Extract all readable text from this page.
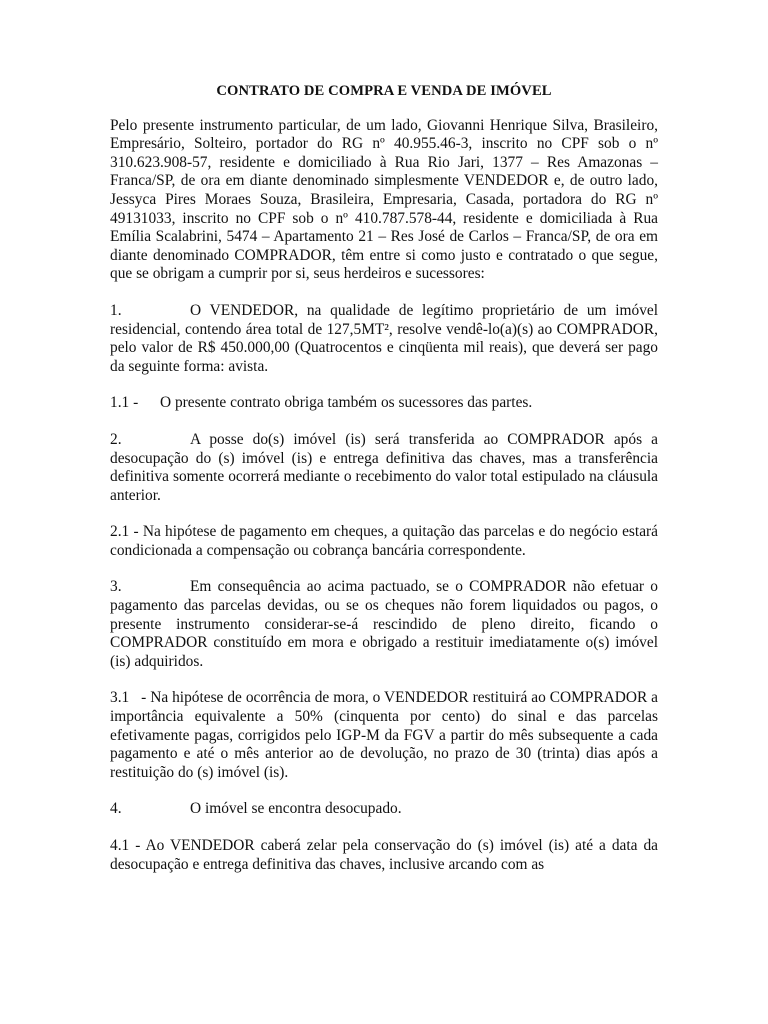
CONTRATO DE COMPRA E VENDA DE IMÓVEL

Pelo presente instrumento particular, de um lado, Giovanni Henrique Silva, Brasileiro, Empresário, Solteiro, portador do RG nº 40.955.46-3, inscrito no CPF sob o nº 310.623.908-57, residente e domiciliado à Rua Rio Jari, 1377 – Res Amazonas – Franca/SP, de ora em diante denominado simplesmente VENDEDOR e, de outro lado, Jessyca Pires Moraes Souza, Brasileira, Empresaria, Casada, portadora do RG nº 49131033, inscrito no CPF sob o nº 410.787.578-44, residente e domiciliada à Rua Emília Scalabrini, 5474 – Apartamento 21 – Res José de Carlos – Franca/SP, de ora em diante denominado COMPRADOR, têm entre si como justo e contratado o que segue, que se obrigam a cumprir por si, seus herdeiros e sucessores:

1.	O VENDEDOR, na qualidade de legítimo proprietário de um imóvel residencial, contendo área total de 127,5MT², resolve vendê-lo(a)(s) ao COMPRADOR, pelo valor de R$ 450.000,00 (Quatrocentos e cinqüenta mil reais), que deverá ser pago da seguinte forma: avista.

1.1 - O presente contrato obriga também os sucessores das partes.

2.	A posse do(s) imóvel (is) será transferida ao COMPRADOR após a desocupação do (s) imóvel (is) e entrega definitiva das chaves, mas a transferência definitiva somente ocorrerá mediante o recebimento do valor total estipulado na cláusula anterior.

2.1 - Na hipótese de pagamento em cheques, a quitação das parcelas e do negócio estará condicionada a compensação ou cobrança bancária correspondente.

3.	Em consequência ao acima pactuado, se o COMPRADOR não efetuar o pagamento das parcelas devidas, ou se os cheques não forem liquidados ou pagos, o presente instrumento considerar-se-á rescindido de pleno direito, ficando o COMPRADOR constituído em mora e obrigado a restituir imediatamente o(s) imóvel (is) adquiridos.

3.1 - Na hipótese de ocorrência de mora, o VENDEDOR restituirá ao COMPRADOR a importância equivalente a 50% (cinquenta por cento) do sinal e das parcelas efetivamente pagas, corrigidos pelo IGP-M da FGV a partir do mês subsequente a cada pagamento e até o mês anterior ao de devolução, no prazo de 30 (trinta) dias após a restituição do (s) imóvel (is).

4.	O imóvel se encontra desocupado.

4.1 - Ao VENDEDOR caberá zelar pela conservação do (s) imóvel (is) até a data da desocupação e entrega definitiva das chaves, inclusive arcando com as
